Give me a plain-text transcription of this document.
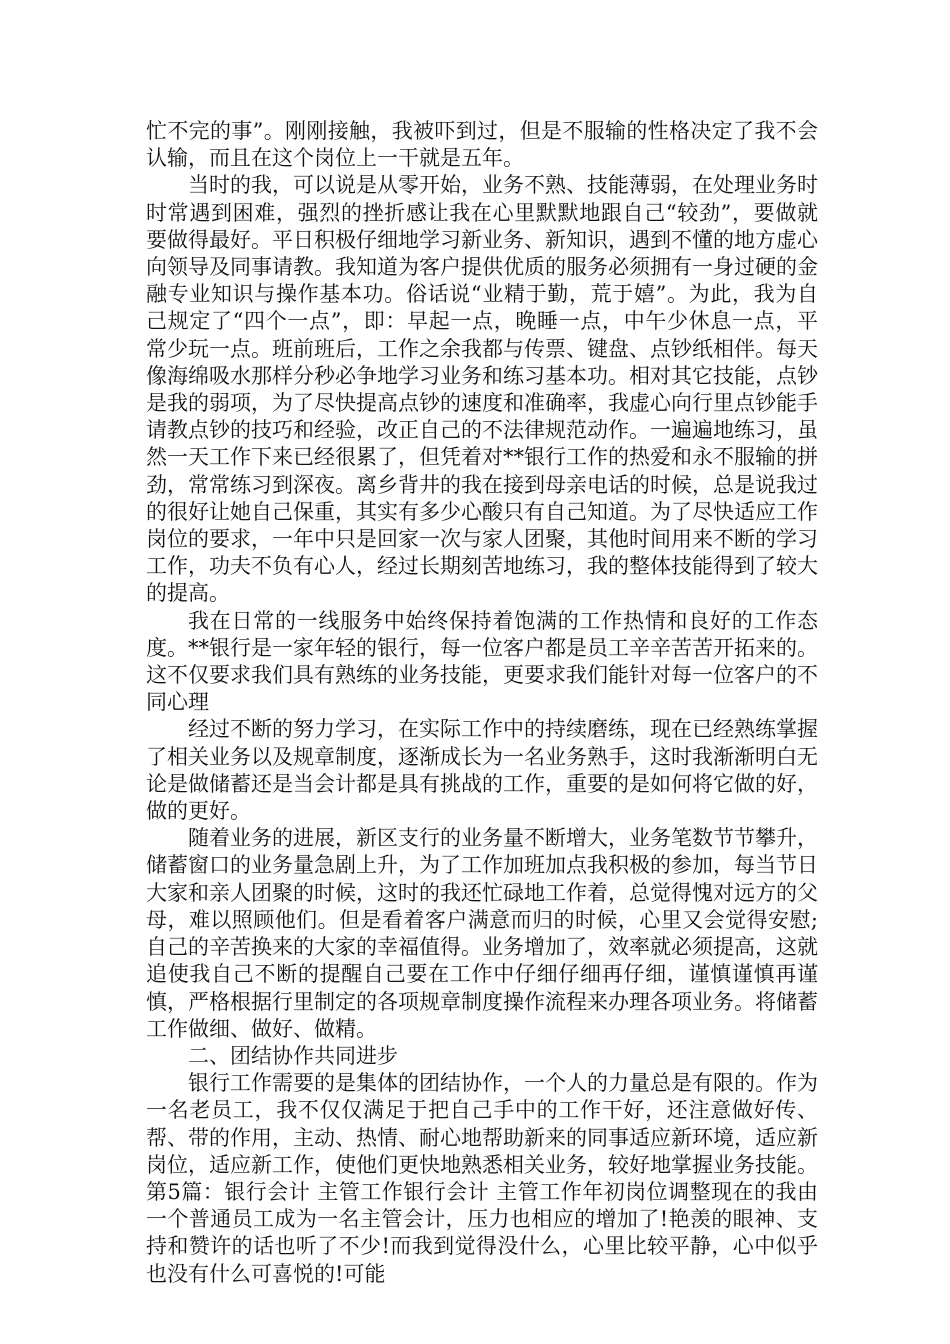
忙不完的事”。刚刚接触，我被吓到过，但是不服输的性格决定了我不会认输，而且在这个岗位上一干就是五年。

当时的我，可以说是从零开始，业务不熟、技能薄弱，在处理业务时时常遇到困难，强烈的挫折感让我在心里默默地跟自己“较劲”，要做就要做得最好。平日积极仔细地学习新业务、新知识，遇到不懂的地方虚心向领导及同事请教。我知道为客户提供优质的服务必须拥有一身过硬的金融专业知识与操作基本功。俗话说“业精于勤，荒于嬉”。为此，我为自己规定了“四个一点”，即：早起一点，晚睡一点，中午少休息一点，平常少玩一点。班前班后，工作之余我都与传票、键盘、点钞纸相伴。每天像海绵吸水那样分秒必争地学习业务和练习基本功。相对其它技能，点钞是我的弱项，为了尽快提高点钞的速度和准确率，我虚心向行里点钞能手请教点钞的技巧和经验，改正自己的不法律规范动作。一遍遍地练习，虽然一天工作下来已经很累了，但凭着对**银行工作的热爱和永不服输的拼劲，常常练习到深夜。离乡背井的我在接到母亲电话的时候，总是说我过的很好让她自己保重，其实有多少心酸只有自己知道。为了尽快适应工作岗位的要求，一年中只是回家一次与家人团聚，其他时间用来不断的学习工作，功夫不负有心人，经过长期刻苦地练习，我的整体技能得到了较大的提高。

我在日常的一线服务中始终保持着饱满的工作热情和良好的工作态度。**银行是一家年轻的银行，每一位客户都是员工辛辛苦苦开拓来的。这不仅要求我们具有熟练的业务技能，更要求我们能针对每一位客户的不同心理

经过不断的努力学习，在实际工作中的持续磨练，现在已经熟练掌握了相关业务以及规章制度，逐渐成长为一名业务熟手，这时我渐渐明白无论是做储蓄还是当会计都是具有挑战的工作，重要的是如何将它做的好，做的更好。

随着业务的进展，新区支行的业务量不断增大，业务笔数节节攀升，储蓄窗口的业务量急剧上升，为了工作加班加点我积极的参加，每当节日大家和亲人团聚的时候，这时的我还忙碌地工作着，总觉得愧对远方的父母，难以照顾他们。但是看着客户满意而归的时候，心里又会觉得安慰;自己的辛苦换来的大家的幸福值得。业务增加了，效率就必须提高，这就追使我自己不断的提醒自己要在工作中仔细仔细再仔细，谨慎谨慎再谨慎，严格根据行里制定的各项规章制度操作流程来办理各项业务。将储蓄工作做细、做好、做精。

二、团结协作共同进步

银行工作需要的是集体的团结协作，一个人的力量总是有限的。作为一名老员工，我不仅仅满足于把自己手中的工作干好，还注意做好传、帮、带的作用，主动、热情、耐心地帮助新来的同事适应新环境，适应新岗位，适应新工作，使他们更快地熟悉相关业务，较好地掌握业务技能。 第5篇：银行会计 主管工作银行会计 主管工作年初岗位调整现在的我由一个普通员工成为一名主管会计，压力也相应的增加了!艳羡的眼神、支持和赞许的话也听了不少!而我到觉得没什么，心里比较平静，心中似乎也没有什么可喜悦的!可能
